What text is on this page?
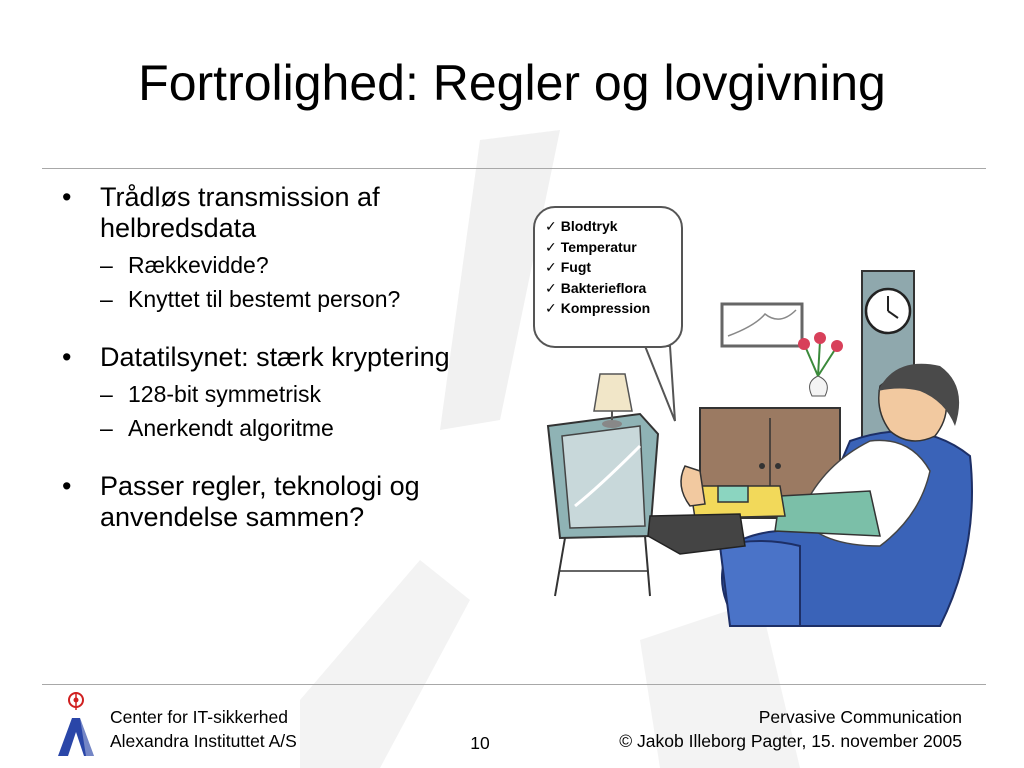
Fortrolighed: Regler og lovgivning
• Trådløs transmission af helbredsdata
– Rækkevidde?
– Knyttet til bestemt person?
• Datatilsynet: stærk kryptering
– 128-bit symmetrisk
– Anerkendt algoritme
• Passer regler, teknologi og anvendelse sammen?
✓ Blodtryk
✓ Temperatur
✓ Fugt
✓ Bakterieflora
✓ Kompression
Center for IT-sikkerhed
Alexandra Instituttet A/S	10
Pervasive Communication
© Jakob Illeborg Pagter, 15. november 2005
